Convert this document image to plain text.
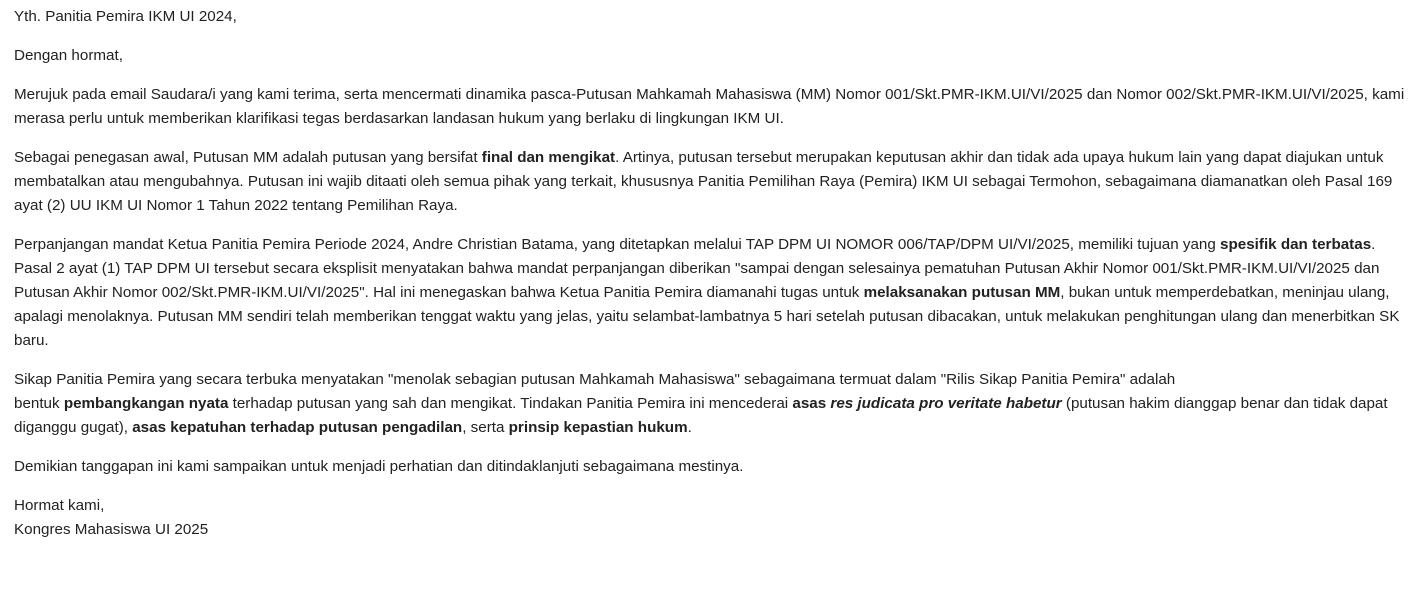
Yth. Panitia Pemira IKM UI 2024,

Dengan hormat,

Merujuk pada email Saudara/i yang kami terima, serta mencermati dinamika pasca-Putusan Mahkamah Mahasiswa (MM) Nomor 001/Skt.PMR-IKM.UI/VI/2025 dan Nomor 002/Skt.PMR-IKM.UI/VI/2025, kami merasa perlu untuk memberikan klarifikasi tegas berdasarkan landasan hukum yang berlaku di lingkungan IKM UI.

Sebagai penegasan awal, Putusan MM adalah putusan yang bersifat final dan mengikat. Artinya, putusan tersebut merupakan keputusan akhir dan tidak ada upaya hukum lain yang dapat diajukan untuk membatalkan atau mengubahnya. Putusan ini wajib ditaati oleh semua pihak yang terkait, khususnya Panitia Pemilihan Raya (Pemira) IKM UI sebagai Termohon, sebagaimana diamanatkan oleh Pasal 169 ayat (2) UU IKM UI Nomor 1 Tahun 2022 tentang Pemilihan Raya.

Perpanjangan mandat Ketua Panitia Pemira Periode 2024, Andre Christian Batama, yang ditetapkan melalui TAP DPM UI NOMOR 006/TAP/DPM UI/VI/2025, memiliki tujuan yang spesifik dan terbatas. Pasal 2 ayat (1) TAP DPM UI tersebut secara eksplisit menyatakan bahwa mandat perpanjangan diberikan "sampai dengan selesainya pematuhan Putusan Akhir Nomor 001/Skt.PMR-IKM.UI/VI/2025 dan Putusan Akhir Nomor 002/Skt.PMR-IKM.UI/VI/2025". Hal ini menegaskan bahwa Ketua Panitia Pemira diamanahi tugas untuk melaksanakan putusan MM, bukan untuk memperdebatkan, meninjau ulang, apalagi menolaknya. Putusan MM sendiri telah memberikan tenggat waktu yang jelas, yaitu selambat-lambatnya 5 hari setelah putusan dibacakan, untuk melakukan penghitungan ulang dan menerbitkan SK baru.

Sikap Panitia Pemira yang secara terbuka menyatakan "menolak sebagian putusan Mahkamah Mahasiswa" sebagaimana termuat dalam "Rilis Sikap Panitia Pemira" adalah
bentuk pembangkangan nyata terhadap putusan yang sah dan mengikat. Tindakan Panitia Pemira ini mencederai asas res judicata pro veritate habetur (putusan hakim dianggap benar dan tidak dapat diganggu gugat), asas kepatuhan terhadap putusan pengadilan, serta prinsip kepastian hukum.

Demikian tanggapan ini kami sampaikan untuk menjadi perhatian dan ditindaklanjuti sebagaimana mestinya.

Hormat kami,
Kongres Mahasiswa UI 2025
